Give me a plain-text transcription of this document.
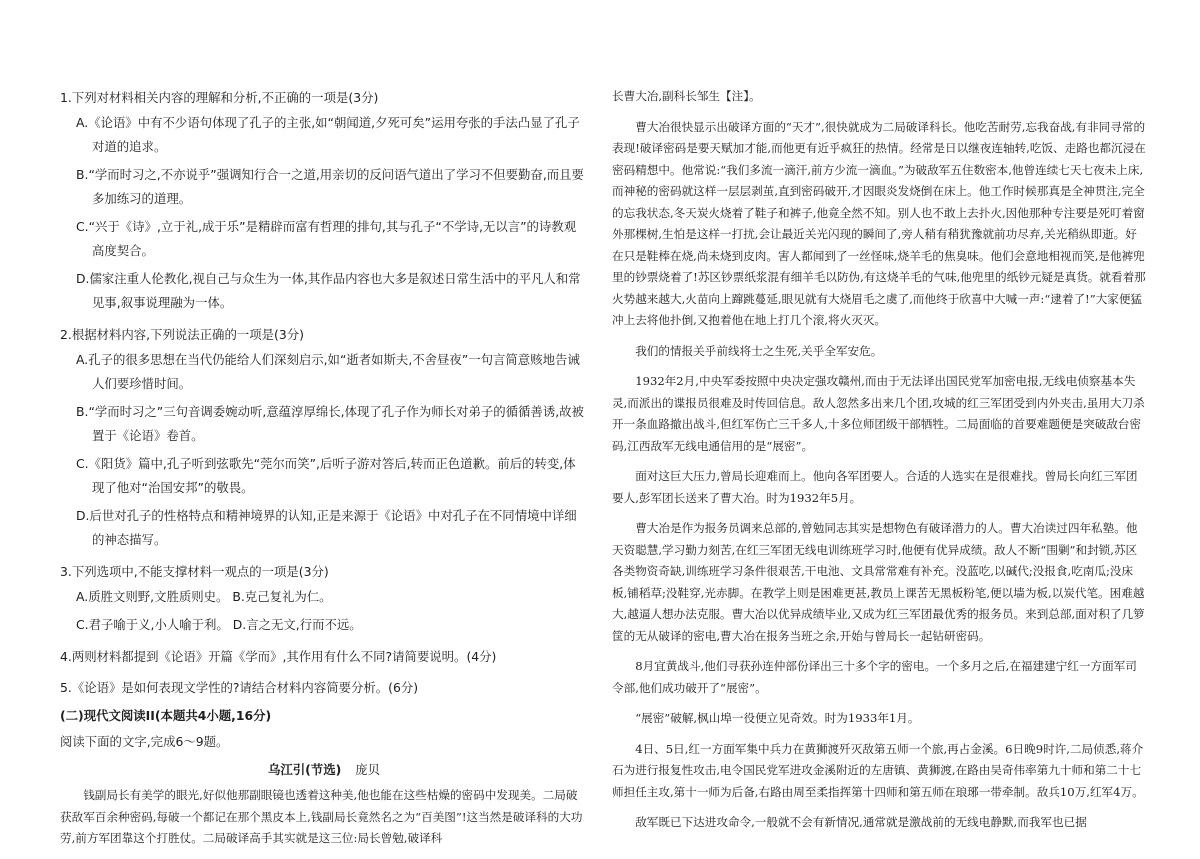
1.下列对材料相关内容的理解和分析,不正确的一项是(3分)

A.《论语》中有不少语句体现了孔子的主张,如“朝闻道,夕死可矣”运用夸张的手法凸显了孔子对道的追求。

B.“学而时习之,不亦说乎”强调知行合一之道,用亲切的反问语气道出了学习不但要勤奋,而且要多加练习的道理。

C.“兴于《诗》,立于礼,成于乐”是精辟而富有哲理的排句,其与孔子“不学诗,无以言”的诗教观高度契合。

D.儒家注重人伦教化,视自己与众生为一体,其作品内容也大多是叙述日常生活中的平凡人和常见事,叙事说理融为一体。

2.根据材料内容,下列说法正确的一项是(3分)

A.孔子的很多思想在当代仍能给人们深刻启示,如“逝者如斯夫,不舍昼夜”一句言简意赅地告诫人们要珍惜时间。

B.“学而时习之”三句音调委婉动听,意蕴淳厚绵长,体现了孔子作为师长对弟子的循循善诱,故被置于《论语》卷首。

C.《阳货》篇中,孔子听到弦歌先“莞尔而笑”,后听子游对答后,转而正色道歉。前后的转变,体现了他对“治国安邦”的敬畏。

D.后世对孔子的性格特点和精神境界的认知,正是来源于《论语》中对孔子在不同情境中详细的神态描写。

3.下列选项中,不能支撑材料一观点的一项是(3分)

A.质胜文则野,文胜质则史。 B.克己复礼为仁。

C.君子喻于义,小人喻于利。 D.言之无文,行而不远。

4.两则材料都提到《论语》开篇《学而》,其作用有什么不同?请简要说明。(4分)

5.《论语》是如何表现文学性的?请结合材料内容简要分析。(6分)

(二)现代文阅读II(本题共4小题,16分)

阅读下面的文字,完成6～9题。

乌江引(节选) 庞贝

钱副局长有美学的眼光,好似他那副眼镜也透着这种美,他也能在这些枯燥的密码中发现美。二局破获敌军百余种密码,每破一个都记在那个黑皮本上,钱副局长竟然名之为“百美图”!这当然是破译科的大功劳,前方军团靠这个打胜仗。二局破译高手其实就是这三位:局长曾勉,破译科

长曹大冶,副科长邹生【注】。

曹大冶很快显示出破译方面的“天才”,很快就成为二局破译科长。他吃苦耐劳,忘我奋战,有非同寻常的表现!破译密码是要天赋加才能,而他更有近乎疯狂的热情。经常是日以继夜连轴转,吃饭、走路也都沉浸在密码精想中。他常说:“我们多流一滴汗,前方少流一滴血。”为破敌军五住数密本,他曾连续七天七夜未上床,而神秘的密码就这样一层层剥茧,直到密码破开,才因眼炎发烧倒在床上。他工作时候那真是全神贯注,完全的忘我状态,冬天炭火烧着了鞋子和裤子,他竟全然不知。别人也不敢上去扑火,因他那种专注要是死叮着窗外那棵树,生怕是这样一打扰,会让最近关光闪现的瞬间了,旁人稍有稍犹豫就前功尽弃,关光稍纵即逝。好在只是鞋棒在烧,尚未烧到皮肉。害人都闻到了一丝怪味,烧羊毛的焦臭味。他们会意地相视而笑,是他裤兜里的钞票烧着了!苏区钞票纸浆混有细羊毛以防伪,有这烧羊毛的气味,他兜里的纸钞元疑是真货。就看着那火势越来越大,火苗向上蹿跳蔓延,眼见就有大烧眉毛之虞了,而他终于欣喜中大喊一声:“逮着了!”大家便猛冲上去将他扑倒,又抱着他在地上打几个滚,将火灭灭。

我们的情报关乎前线将士之生死,关乎全军安危。

1932年2月,中央军委按照中央决定强攻赣州,而由于无法译出国民党军加密电报,无线电侦察基本失灵,而派出的谍报员很难及时传回信息。敌人忽然多出来几个团,攻城的红三军团受到内外夹击,虽用大刀杀开一条血路撤出战斗,但红军伤亡三千多人,十多位师团级干部牺牲。二局面临的首要难题便是突破敌台密码,江西敌军无线电通信用的是“展密”。

面对这巨大压力,曾局长迎难而上。他向各军团要人。合适的人选实在是很难找。曾局长向红三军团要人,彭军团长送来了曹大冶。时为1932年5月。

曹大冶是作为报务员调来总部的,曾勉同志其实是想物色有破译潜力的人。曹大冶读过四年私塾。他天资聪慧,学习勤力刻苦,在红三军团无线电训练班学习时,他便有优异成绩。敌人不断“围剿”和封锁,苏区各类物资奇缺,训练班学习条件很艰苦,干电池、文具常常难有补充。没蓝吃,以碱代;没报食,吃南瓜;没床板,铺稻草;没鞋穿,光赤脚。在教学上则是困难更甚,教员上课苦无黑板粉笔,便以墙为板,以炭代笔。困难越大,越逼人想办法克服。曹大冶以优异成绩毕业,又成为红三军团最优秀的报务员。来到总部,面对积了几箩筐的无从破译的密电,曹大冶在报务当班之余,开始与曾局长一起钻研密码。

8月宜黄战斗,他们寻获孙连仲部份译出三十多个字的密电。一个多月之后,在福建建宁红一方面军司令部,他们成功破开了“展密”。

“展密”破解,枫山埠一役便立见奇效。时为1933年1月。

4日、5日,红一方面军集中兵力在黄狮渡歼灭敌第五师一个旅,再占金溪。6日晚9时许,二局侦悉,蒋介石为进行报复性攻击,电令国民党军进攻金溪附近的左唐镇、黄狮渡,在路由吴奇伟率第九十师和第二十七师担任主攻,第十一师为后备,右路由周至柔指挥第十四师和第五师在琅琊一带牵制。敌兵10万,红军4万。

敌军既已下达进攻命令,一般就不会有新情况,通常就是激战前的无线电静默,而我军也已据
